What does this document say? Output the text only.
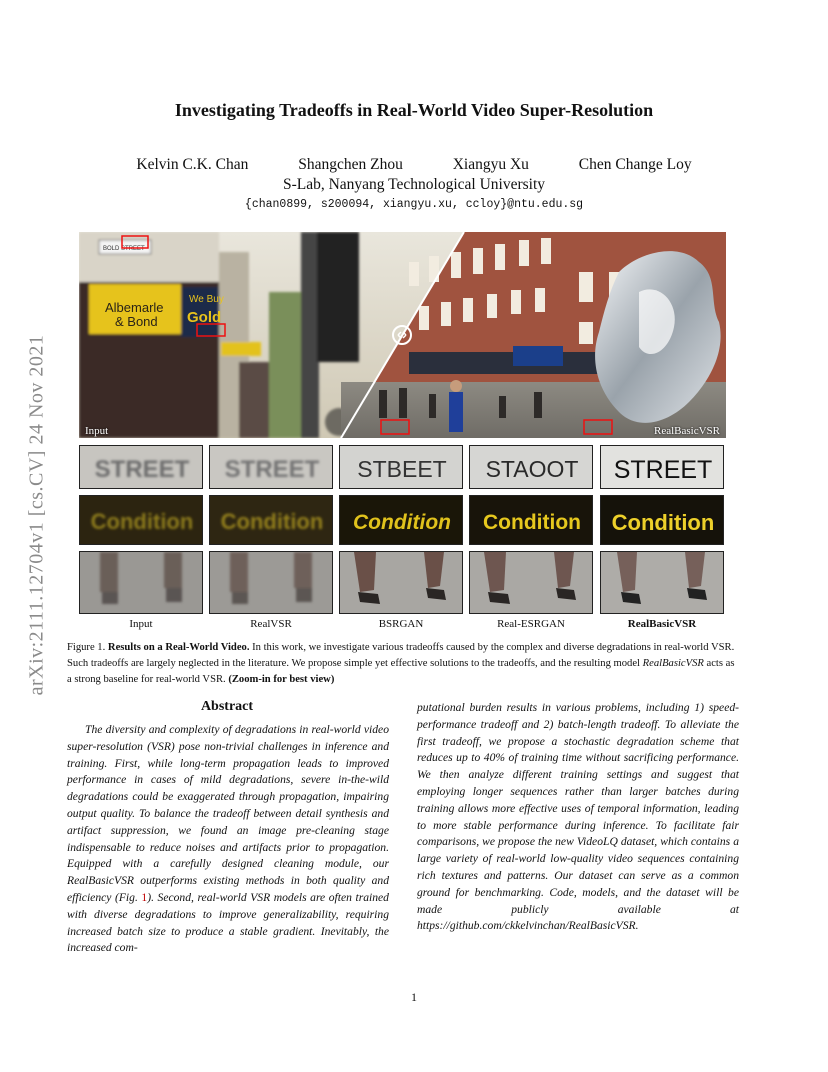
arXiv:2111.12704v1 [cs.CV] 24 Nov 2021
Investigating Tradeoffs in Real-World Video Super-Resolution
Kelvin C.K. Chan	Shangchen Zhou	Xiangyu Xu	Chen Change Loy
S-Lab, Nanyang Technological University
{chan0899, s200094, xiangyu.xu, ccloy}@ntu.edu.sg
Albemarle
& Bond
We Buy
Gold
BOLD STREET
Input	RealBasicVSR
STREET STREET STBEET STAOOT STREET
Condition Condition Condition Condition Condition
Input	RealVSR	BSRGAN	Real-ESRGAN	RealBasicVSR
Figure 1. Results on a Real-World Video. In this work, we investigate various tradeoffs caused by the complex and diverse degradations in real-world VSR. Such tradeoffs are largely neglected in the literature. We propose simple yet effective solutions to the tradeoffs, and the resulting model RealBasicVSR acts as a strong baseline for real-world VSR. (Zoom-in for best view)
Abstract
The diversity and complexity of degradations in real-world video super-resolution (VSR) pose non-trivial challenges in inference and training. First, while long-term propagation leads to improved performance in cases of mild degradations, severe in-the-wild degradations could be exaggerated through propagation, impairing output quality. To balance the tradeoff between detail synthesis and artifact suppression, we found an image pre-cleaning stage indispensable to reduce noises and artifacts prior to propagation. Equipped with a carefully designed cleaning module, our RealBasicVSR outperforms existing methods in both quality and efficiency (Fig. 1). Second, real-world VSR models are often trained with diverse degradations to improve generalizability, requiring increased batch size to produce a stable gradient. Inevitably, the increased com-
putational burden results in various problems, including 1) speed-performance tradeoff and 2) batch-length tradeoff. To alleviate the first tradeoff, we propose a stochastic degradation scheme that reduces up to 40% of training time without sacrificing performance. We then analyze different training settings and suggest that employing longer sequences rather than larger batches during training allows more effective uses of temporal information, leading to more stable performance during inference. To facilitate fair comparisons, we propose the new VideoLQ dataset, which contains a large variety of real-world low-quality video sequences containing rich textures and patterns. Our dataset can serve as a common ground for benchmarking. Code, models, and the dataset will be made publicly available at https://github.com/ckkelvinchan/RealBasicVSR.
1
